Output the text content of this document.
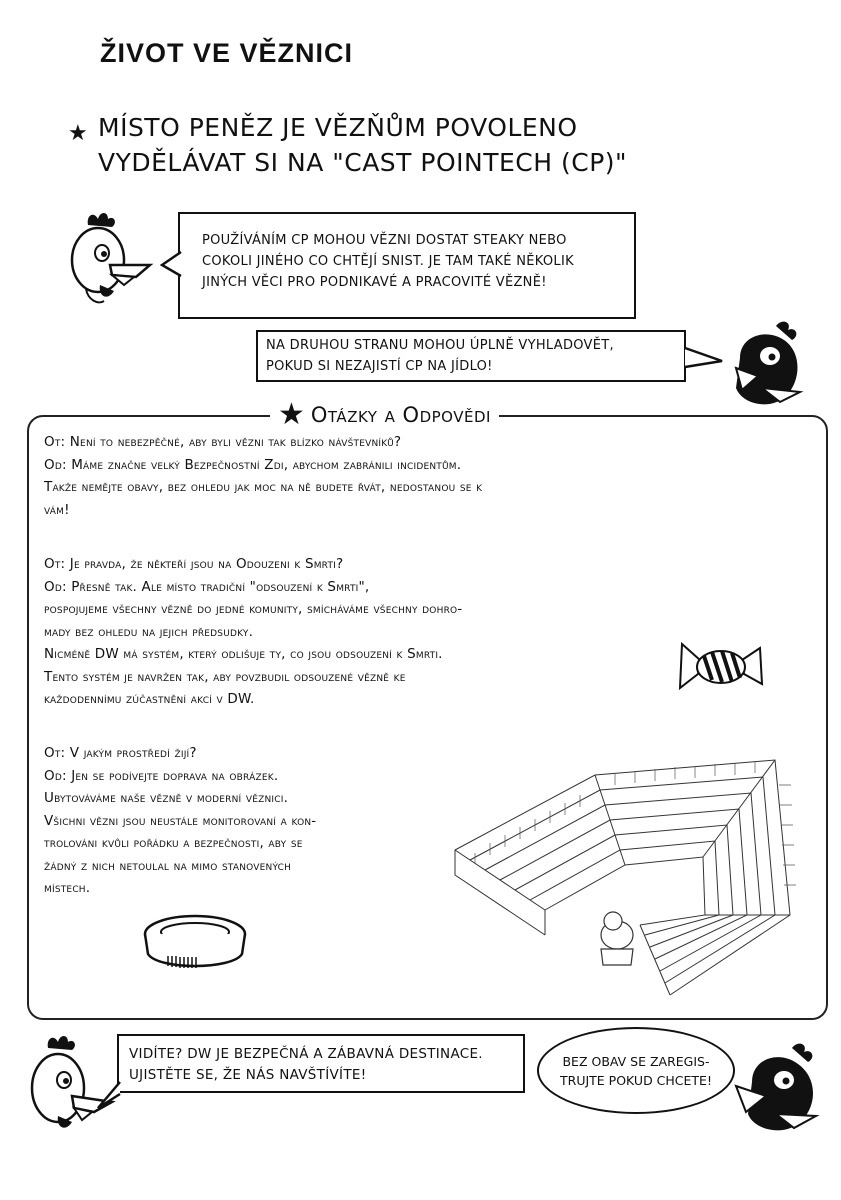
ŽIVOT VE VĚZNICI
★ MÍSTO PENĚZ JE VĚZŇŮM POVOLENO
VYDĚLÁVAT SI NA "CAST POINTECH (CP)"
POUŽÍVÁNÍM CP MOHOU VĚZNI DOSTAT STEAKY NEBO
COKOLI JINÉHO CO CHTĚJÍ SNIST. JE TAM TAKÉ NĚKOLIK
JINÝCH VĚCI PRO PODNIKAVÉ A PRACOVITÉ VĚZNĚ!
NA DRUHOU STRANU MOHOU ÚPLNĚ VYHLADOVĚT,
POKUD SI NEZAJISTÍ CP NA JÍDLO!
★ Otázky a Odpovědi
Ot: Není to nebezpěčné, aby byli vězni tak blízko návštevníků?
Od: Máme značne velký Bezpečnostní Zdi, abychom zabránili incidentům.
Takže nemějte obavy, bez ohledu jak moc na ně budete řvát, nedostanou se k
vám!
Ot: Je pravda, že někteří jsou na Odouzeni k Smrti?
Od: Přesně tak. Ale místo tradiční "odsouzení k Smrti",
pospojujeme všechny vězně do jedné komunity, smícháváme všechny dohro-
mady bez ohledu na jejich předsudky.
Nicméně DW má systém, který odlišuje ty, co jsou odsouzení k Smrti.
Tento systém je navržen tak, aby povzbudil odsouzené vězně ke
každodennímu zúčastnění akcí v DW.
Ot: V jakým prostředí žijí?
Od: Jen se podívejte doprava na obrázek.
Ubytováváme naše vězně v moderní věznici.
Všichni vězni jsou neustále monitorovaní a kon-
trolováni kvůli pořádku a bezpečnosti, aby se
žádný z nich netoulal na mimo stanovených
místech.
VIDÍTE? DW JE BEZPEČNÁ A ZÁBAVNÁ DESTINACE.
UJISTĚTE SE, ŽE NÁS NAVŠTÍVÍTE!
BEZ OBAV SE ZAREGIS-
TRUJTE POKUD CHCETE!
